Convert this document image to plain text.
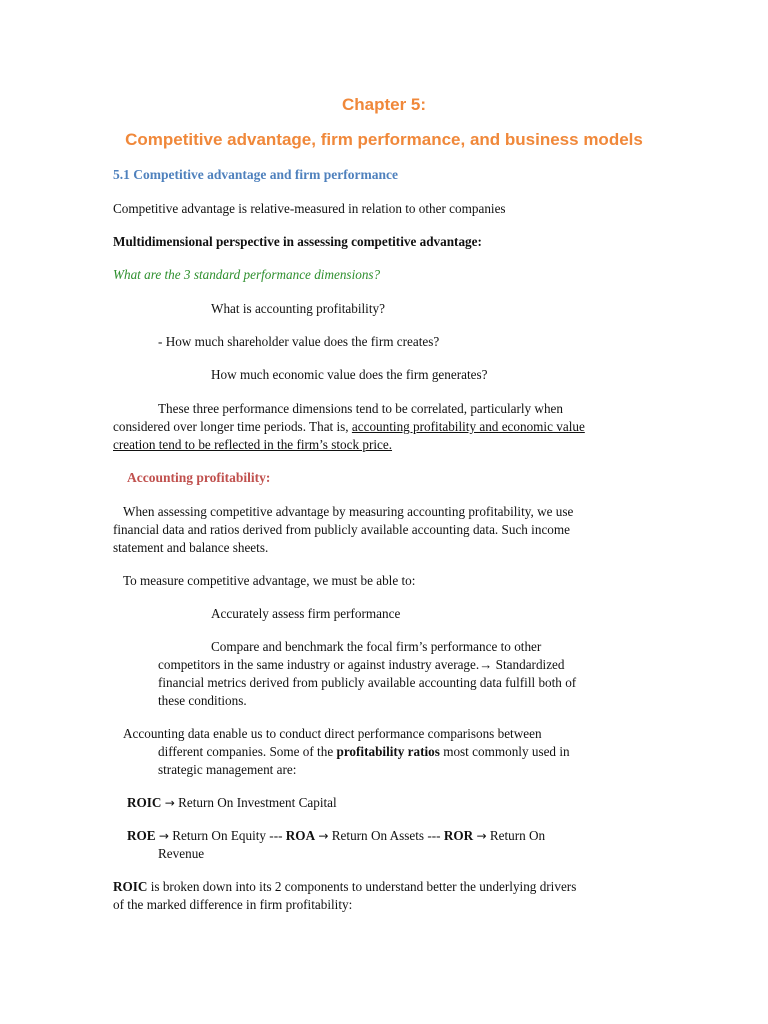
Chapter 5:
Competitive advantage, firm performance, and business models
5.1 Competitive advantage and firm performance
Competitive advantage is relative-measured in relation to other companies
Multidimensional perspective in assessing competitive advantage:
What are the 3 standard performance dimensions?
What is accounting profitability?
- How much shareholder value does the firm creates?
How much economic value does the firm generates?
These three performance dimensions tend to be correlated, particularly when
considered over longer time periods. That is, accounting profitability and economic value
creation tend to be reflected in the firm’s stock price.
Accounting profitability:
When assessing competitive advantage by measuring accounting profitability, we use
financial data and ratios derived from publicly available accounting data. Such income
statement and balance sheets.
To measure competitive advantage, we must be able to:
Accurately assess firm performance
Compare and benchmark the focal firm’s performance to other
competitors in the same industry or against industry average.→ Standardized
financial metrics derived from publicly available accounting data fulfill both of
these conditions.
Accounting data enable us to conduct direct performance comparisons between
different companies. Some of the profitability ratios most commonly used in
strategic management are:
ROIC → Return On Investment Capital
ROE → Return On Equity --- ROA → Return On Assets --- ROR → Return On
Revenue
ROIC is broken down into its 2 components to understand better the underlying drivers
of the marked difference in firm profitability:
